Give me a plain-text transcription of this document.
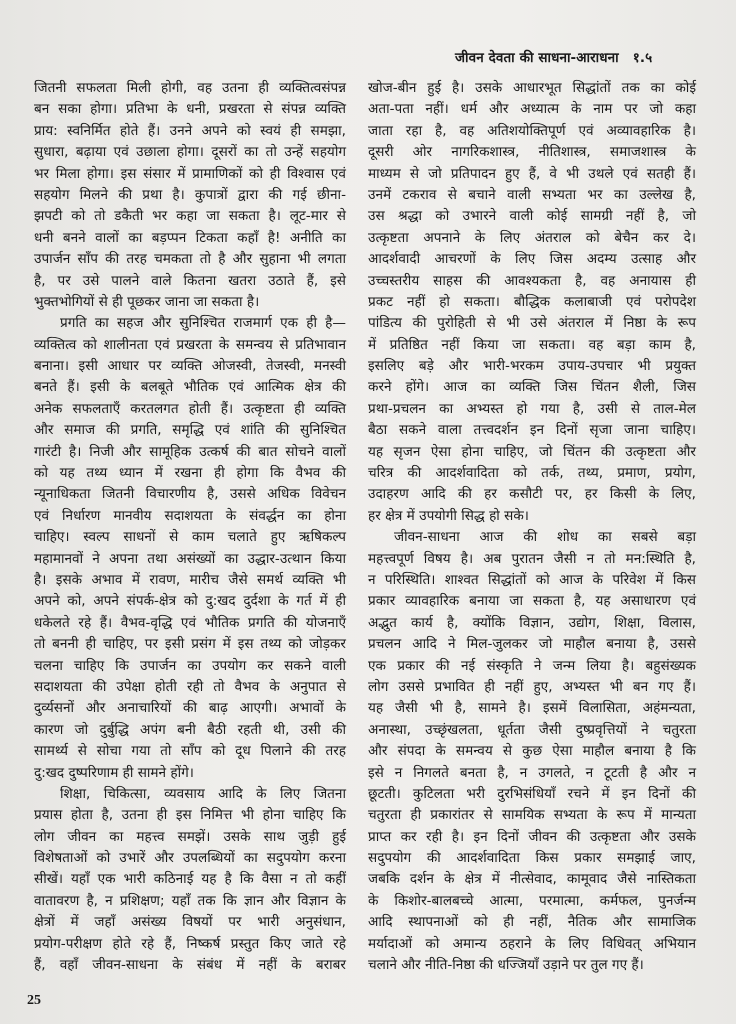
जीवन देवता की साधना-आराधना १.५
जितनी सफलता मिली होगी, वह उतना ही व्यक्तित्वसंपन्न
बन सका होगा। प्रतिभा के धनी, प्रखरता से संपन्न व्यक्ति
प्राय: स्वनिर्मित होते हैं। उनने अपने को स्वयं ही समझा,
सुधारा, बढ़ाया एवं उछाला होगा। दूसरों का तो उन्हें सहयोग
भर मिला होगा। इस संसार में प्रामाणिकों को ही विश्वास एवं
सहयोग मिलने की प्रथा है। कुपात्रों द्वारा की गई छीना-
झपटी को तो डकैती भर कहा जा सकता है। लूट-मार से
धनी बनने वालों का बड़प्पन टिकता कहाँ है! अनीति का
उपार्जन साँप की तरह चमकता तो है और सुहाना भी लगता
है, पर उसे पालने वाले कितना खतरा उठाते हैं, इसे
भुक्तभोगियों से ही पूछकर जाना जा सकता है।
प्रगति का सहज और सुनिश्चित राजमार्ग एक ही है—
व्यक्तित्व को शालीनता एवं प्रखरता के समन्वय से प्रतिभावान
बनाना। इसी आधार पर व्यक्ति ओजस्वी, तेजस्वी, मनस्वी
बनते हैं। इसी के बलबूते भौतिक एवं आत्मिक क्षेत्र की
अनेक सफलताएँ करतलगत होती हैं। उत्कृष्टता ही व्यक्ति
और समाज की प्रगति, समृद्धि एवं शांति की सुनिश्चित
गारंटी है। निजी और सामूहिक उत्कर्ष की बात सोचने वालों
को यह तथ्य ध्यान में रखना ही होगा कि वैभव की
न्यूनाधिकता जितनी विचारणीय है, उससे अधिक विवेचन
एवं निर्धारण मानवीय सदाशयता के संवर्द्धन का होना
चाहिए। स्वल्प साधनों से काम चलाते हुए ऋषिकल्प
महामानवों ने अपना तथा असंख्यों का उद्धार-उत्थान किया
है। इसके अभाव में रावण, मारीच जैसे समर्थ व्यक्ति भी
अपने को, अपने संपर्क-क्षेत्र को दु:खद दुर्दशा के गर्त में ही
धकेलते रहे हैं। वैभव-वृद्धि एवं भौतिक प्रगति की योजनाएँ
तो बननी ही चाहिए, पर इसी प्रसंग में इस तथ्य को जोड़कर
चलना चाहिए कि उपार्जन का उपयोग कर सकने वाली
सदाशयता की उपेक्षा होती रही तो वैभव के अनुपात से
दुर्व्यसनों और अनाचारियों की बाढ़ आएगी। अभावों के
कारण जो दुर्बुद्धि अपंग बनी बैठी रहती थी, उसी की
सामर्थ्य से सोचा गया तो साँप को दूध पिलाने की तरह
दु:खद दुष्परिणाम ही सामने होंगे।
शिक्षा, चिकित्सा, व्यवसाय आदि के लिए जितना
प्रयास होता है, उतना ही इस निमित्त भी होना चाहिए कि
लोग जीवन का महत्त्व समझें। उसके साथ जुड़ी हुई
विशेषताओं को उभारें और उपलब्धियों का सदुपयोग करना
सीखें। यहाँ एक भारी कठिनाई यह है कि वैसा न तो कहीं
वातावरण है, न प्रशिक्षण; यहाँ तक कि ज्ञान और विज्ञान के
क्षेत्रों में जहाँ असंख्य विषयों पर भारी अनुसंधान,
प्रयोग-परीक्षण होते रहे हैं, निष्कर्ष प्रस्तुत किए जाते रहे
हैं, वहाँ जीवन-साधना के संबंध में नहीं के बराबर
खोज-बीन हुई है। उसके आधारभूत सिद्धांतों तक का कोई
अता-पता नहीं। धर्म और अध्यात्म के नाम पर जो कहा
जाता रहा है, वह अतिशयोक्तिपूर्ण एवं अव्यावहारिक है।
दूसरी ओर नागरिकशास्त्र, नीतिशास्त्र, समाजशास्त्र के
माध्यम से जो प्रतिपादन हुए हैं, वे भी उथले एवं सतही हैं।
उनमें टकराव से बचाने वाली सभ्यता भर का उल्लेख है,
उस श्रद्धा को उभारने वाली कोई सामग्री नहीं है, जो
उत्कृष्टता अपनाने के लिए अंतराल को बेचैन कर दे।
आदर्शवादी आचरणों के लिए जिस अदम्य उत्साह और
उच्चस्तरीय साहस की आवश्यकता है, वह अनायास ही
प्रकट नहीं हो सकता। बौद्धिक कलाबाजी एवं परोपदेश
पांडित्य की पुरोहिती से भी उसे अंतराल में निष्ठा के रूप
में प्रतिष्ठित नहीं किया जा सकता। वह बड़ा काम है,
इसलिए बड़े और भारी-भरकम उपाय-उपचार भी प्रयुक्त
करने होंगे। आज का व्यक्ति जिस चिंतन शैली, जिस
प्रथा-प्रचलन का अभ्यस्त हो गया है, उसी से ताल-मेल
बैठा सकने वाला तत्त्वदर्शन इन दिनों सृजा जाना चाहिए।
यह सृजन ऐसा होना चाहिए, जो चिंतन की उत्कृष्टता और
चरित्र की आदर्शवादिता को तर्क, तथ्य, प्रमाण, प्रयोग,
उदाहरण आदि की हर कसौटी पर, हर किसी के लिए,
हर क्षेत्र में उपयोगी सिद्ध हो सके।
जीवन-साधना आज की शोध का सबसे बड़ा
महत्त्वपूर्ण विषय है। अब पुरातन जैसी न तो मन:स्थिति है,
न परिस्थिति। शाश्वत सिद्धांतों को आज के परिवेश में किस
प्रकार व्यावहारिक बनाया जा सकता है, यह असाधारण एवं
अद्भुत कार्य है, क्योंकि विज्ञान, उद्योग, शिक्षा, विलास,
प्रचलन आदि ने मिल-जुलकर जो माहौल बनाया है, उससे
एक प्रकार की नई संस्कृति ने जन्म लिया है। बहुसंख्यक
लोग उससे प्रभावित ही नहीं हुए, अभ्यस्त भी बन गए हैं।
यह जैसी भी है, सामने है। इसमें विलासिता, अहंमन्यता,
अनास्था, उच्छृंखलता, धूर्तता जैसी दुष्प्रवृत्तियों ने चतुरता
और संपदा के समन्वय से कुछ ऐसा माहौल बनाया है कि
इसे न निगलते बनता है, न उगलते, न टूटती है और न
छूटती। कुटिलता भरी दुरभिसंधियाँ रचने में इन दिनों की
चतुरता ही प्रकारांतर से सामयिक सभ्यता के रूप में मान्यता
प्राप्त कर रही है। इन दिनों जीवन की उत्कृष्टता और उसके
सदुपयोग की आदर्शवादिता किस प्रकार समझाई जाए,
जबकि दर्शन के क्षेत्र में नीत्सेवाद, कामूवाद जैसे नास्तिकता
के किशोर-बालबच्चे आत्मा, परमात्मा, कर्मफल, पुनर्जन्म
आदि स्थापनाओं को ही नहीं, नैतिक और सामाजिक
मर्यादाओं को अमान्य ठहराने के लिए विधिवत् अभियान
चलाने और नीति-निष्ठा की धज्जियाँ उड़ाने पर तुल गए हैं।
25
